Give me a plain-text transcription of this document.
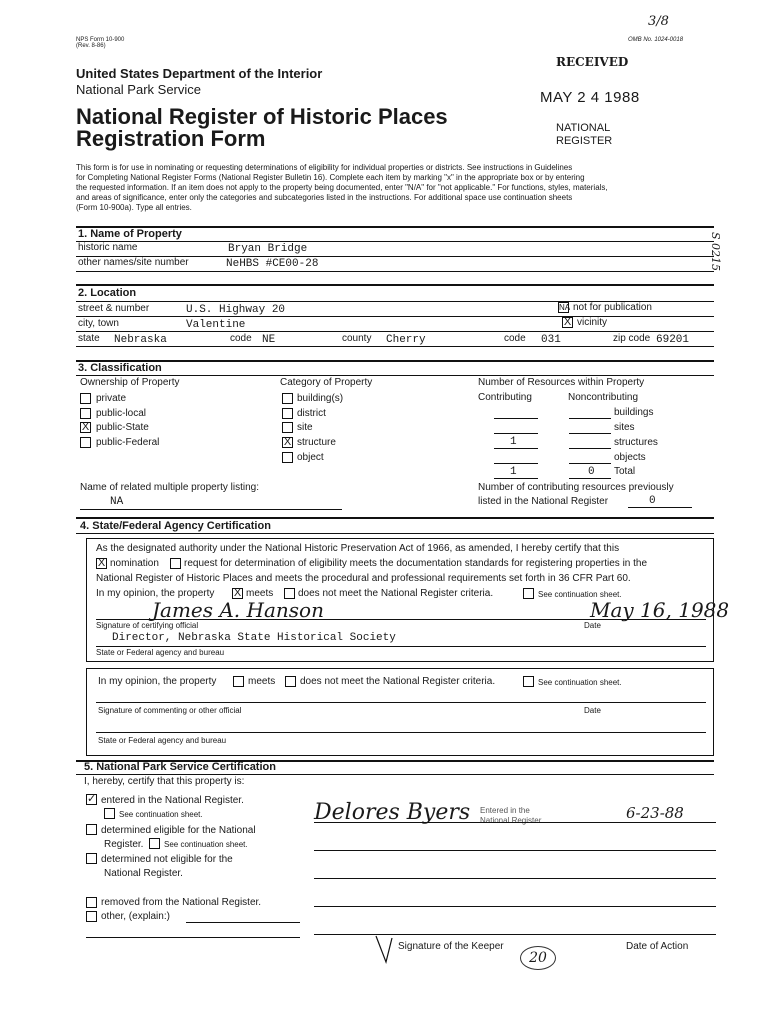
3/8
NPS Form 10-900
(Rev. 8-86)
OMB No. 1024-0018
United States Department of the Interior
National Park Service
National Register of Historic Places
Registration Form
RECEIVED
MAY 2 4 1988
NATIONAL
REGISTER
S 0215
This form is for use in nominating or requesting determinations of eligibility for individual properties or districts. See instructions in Guidelines
for Completing National Register Forms (National Register Bulletin 16). Complete each item by marking "x" in the appropriate box or by entering
the requested information. If an item does not apply to the property being documented, enter "N/A" for "not applicable." For functions, styles, materials,
and areas of significance, enter only the categories and subcategories listed in the instructions. For additional space use continuation sheets
(Form 10-900a). Type all entries.
1. Name of Property
historic name	Bryan Bridge
other names/site number	NeHBS #CE00-28
2. Location
street & number	U.S. Highway 20	NA not for publication
city, town	Valentine	X vicinity
state Nebraska	code NE	county Cherry	code 031	zip code 69201
3. Classification
Ownership of Property
private
public-local
X public-State
public-Federal
Category of Property
building(s)
district
site
X structure
object
Number of Resources within Property
Contributing	Noncontributing
buildings
sites
1	structures
objects
1	0 Total
Name of related multiple property listing:
NA
Number of contributing resources previously
listed in the National Register	0
4. State/Federal Agency Certification
As the designated authority under the National Historic Preservation Act of 1966, as amended, I hereby certify that this
X nomination	request for determination of eligibility meets the documentation standards for registering properties in the
National Register of Historic Places and meets the procedural and professional requirements set forth in 36 CFR Part 60.
In my opinion, the property X meets does not meet the National Register criteria.	See continuation sheet.
James A. Hanson	May 16, 1988
Signature of certifying official	Date
Director, Nebraska State Historical Society
State or Federal agency and bureau
In my opinion, the property	meets does not meet the National Register criteria.	See continuation sheet.
Signature of commenting or other official	Date
State or Federal agency and bureau
5. National Park Service Certification
I, hereby, certify that this property is:
✓ entered in the National Register.
See continuation sheet.
determined eligible for the National
Register.	See continuation sheet.
determined not eligible for the
National Register.
removed from the National Register.
other, (explain:)
Delores Byers Entered in the
National Register	6-23-88
Signature of the Keeper	Date of Action
20
